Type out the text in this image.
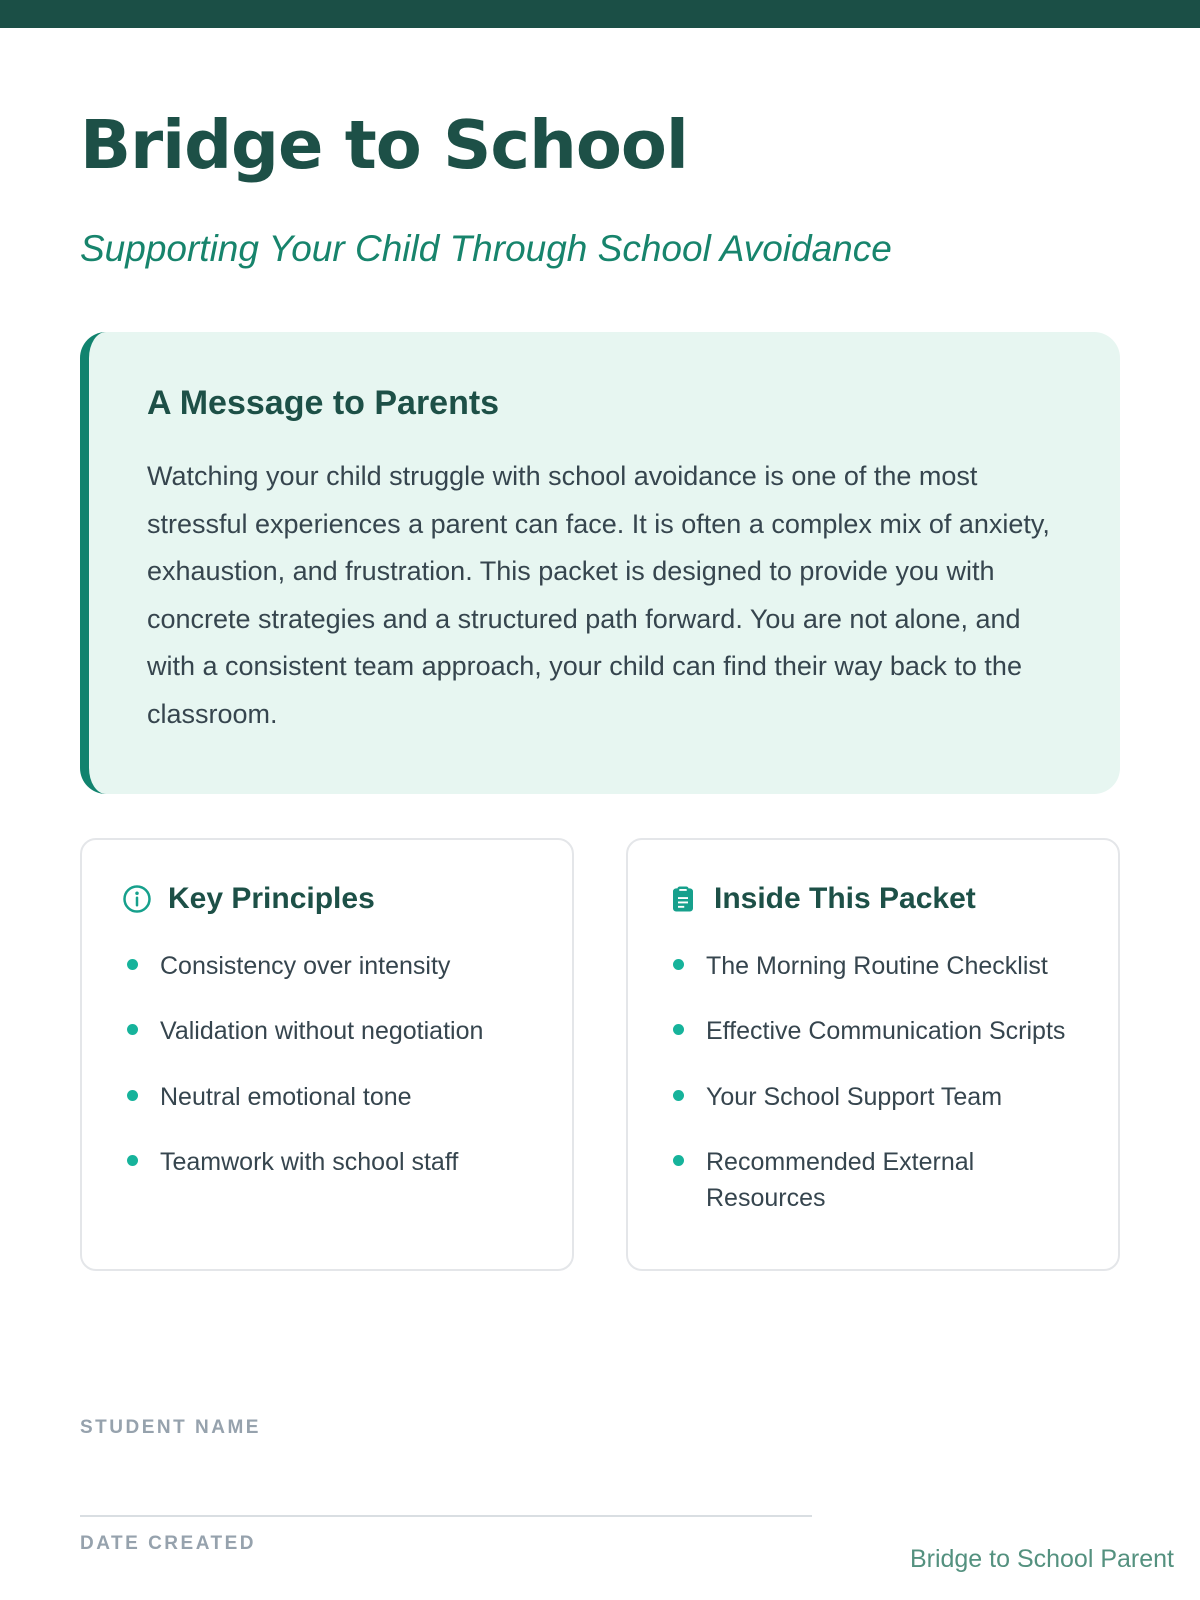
Bridge to School
Supporting Your Child Through School Avoidance
A Message to Parents

Watching your child struggle with school avoidance is one of the most stressful experiences a parent can face. It is often a complex mix of anxiety, exhaustion, and frustration. This packet is designed to provide you with concrete strategies and a structured path forward. You are not alone, and with a consistent team approach, your child can find their way back to the classroom.

Key Principles
Consistency over intensity
Validation without negotiation
Neutral emotional tone
Teamwork with school staff
Inside This Packet
The Morning Routine Checklist
Effective Communication Scripts
Your School Support Team
Recommended External Resources
STUDENT NAME
DATE CREATED
Bridge to School Parent
